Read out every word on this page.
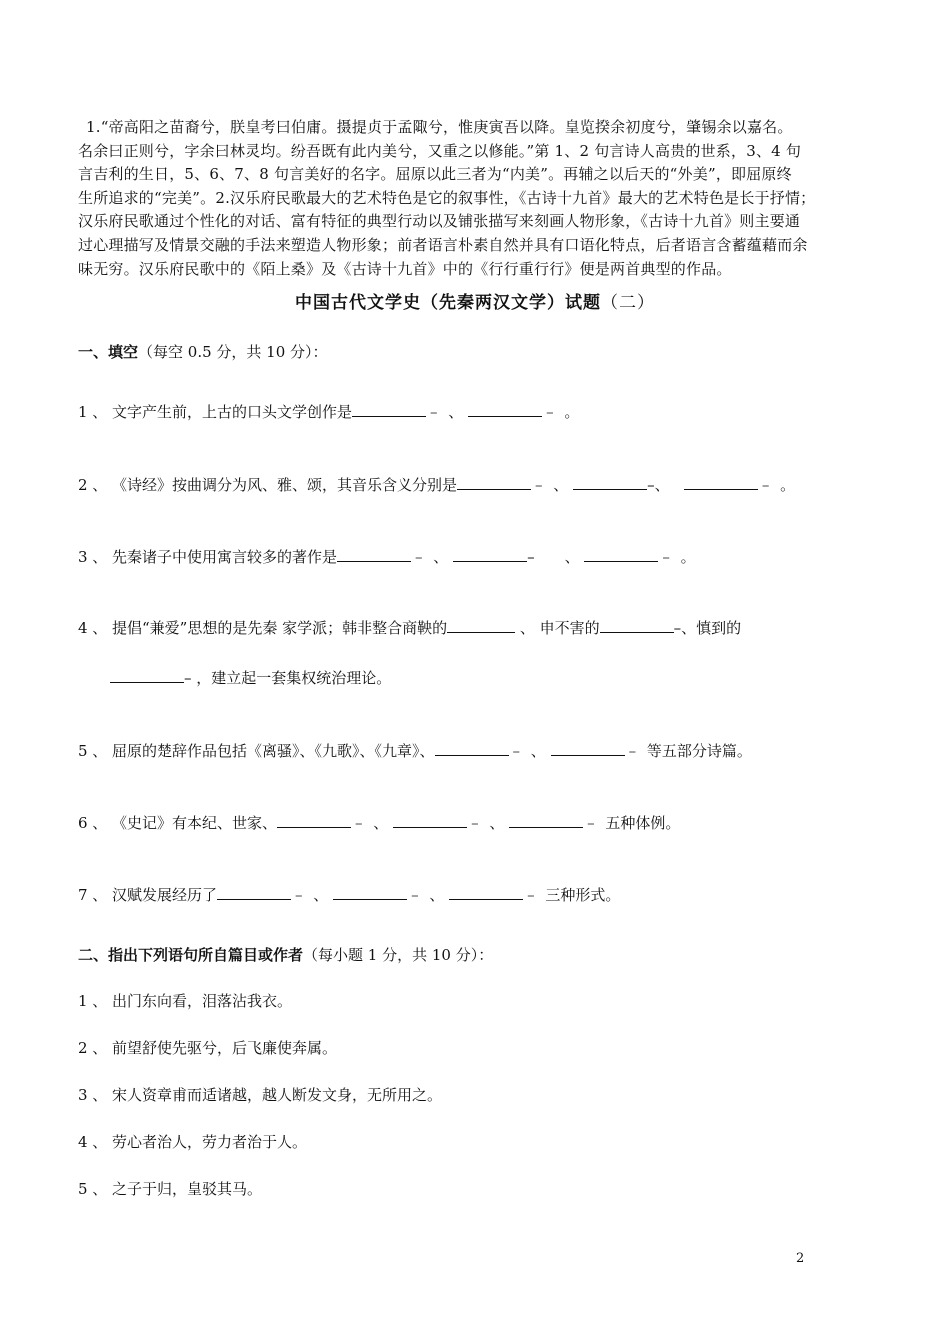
1.“帝高阳之苗裔兮，朕皇考曰伯庸。摄提贞于孟陬兮，惟庚寅吾以降。皇览揆余初度兮，肇锡余以嘉名。

名余曰正则兮，字余曰林灵均。纷吾既有此内美兮，又重之以修能。”第 1、2 句言诗人高贵的世系，3、4 句

言吉利的生日，5、6、7、8 句言美好的名字。屈原以此三者为“内美”。再辅之以后天的“外美”，即屈原终

生所追求的“完美”。2.汉乐府民歌最大的艺术特色是它的叙事性，《古诗十九首》最大的艺术特色是长于抒情；

汉乐府民歌通过个性化的对话、富有特征的典型行动以及铺张描写来刻画人物形象，《古诗十九首》则主要通

过心理描写及情景交融的手法来塑造人物形象；前者语言朴素自然并具有口语化特点，后者语言含蓄蕴藉而余

味无穷。汉乐府民歌中的《陌上桑》及《古诗十九首》中的《行行重行行》便是两首典型的作品。

中国古代文学史（先秦两汉文学）试题（二）
一、填空（每空 0.5 分，共 10 分）：
1 、 文字产生前，上古的口头文学创作是	– 、	– 。
2 、 《诗经》按曲调分为风、雅、颂，其音乐含义分别是	– 、	–、	– 。
3 、 先秦诸子中使用寓言较多的著作是	– 、	–　　、	– 。
4 、 提倡“兼爱”思想的是先秦 家学派；韩非整合商鞅的	、 申不害的	–、慎到的
– ，建立起一套集权统治理论。
5 、 屈原的楚辞作品包括《离骚》、《九歌》、《九章》、	– 、	– 等五部分诗篇。
6 、 《史记》有本纪、世家、	– 、	– 、	– 五种体例。
7 、 汉赋发展经历了	– 、	– 、	– 三种形式。
二、指出下列语句所自篇目或作者（每小题 1 分，共 10 分）：
1 、 出门东向看，泪落沾我衣。
2 、 前望舒使先驱兮，后飞廉使奔属。
3 、 宋人资章甫而适诸越，越人断发文身，无所用之。
4 、 劳心者治人，劳力者治于人。
5 、 之子于归，皇驳其马。
2
